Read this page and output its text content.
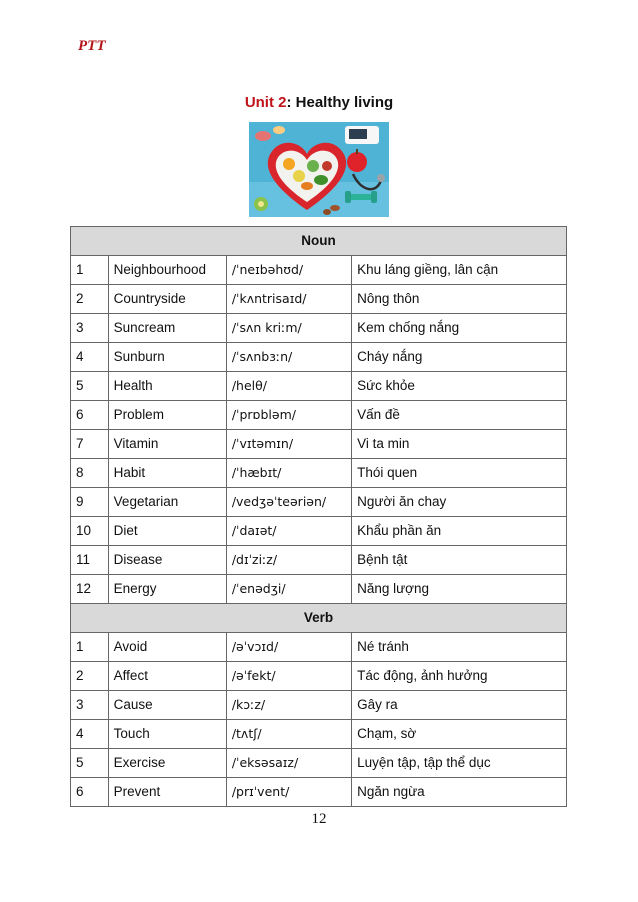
PTT
Unit 2: Healthy living
Noun			
1	Neighbourhood	/ˈneɪbəhʊd/	Khu láng giềng, lân cận
2	Countryside	/ˈkʌntrisaɪd/	Nông thôn
3	Suncream	/ˈsʌn kriːm/	Kem chống nắng
4	Sunburn	/ˈsʌnbɜːn/	Cháy nắng
5	Health	/helθ/	Sức khỏe
6	Problem	/ˈprɒbləm/	Vấn đề
7	Vitamin	/ˈvɪtəmɪn/	Vi ta min
8	Habit	/ˈhæbɪt/	Thói quen
9	Vegetarian	/vedʒəˈteəriən/	Người ăn chay
10	Diet	/ˈdaɪət/	Khẩu phần ăn
11	Disease	/dɪˈziːz/	Bệnh tật
12	Energy	/ˈenədʒi/	Năng lượng
Verb			
1	Avoid	/əˈvɔɪd/	Né tránh
2	Affect	/əˈfekt/	Tác động, ảnh hưởng
3	Cause	/kɔːz/	Gây ra
4	Touch	/tʌtʃ/	Chạm, sờ
5	Exercise	/ˈeksəsaɪz/	Luyện tập, tập thể dục
6	Prevent	/prɪˈvent/	Ngăn ngừa
12
